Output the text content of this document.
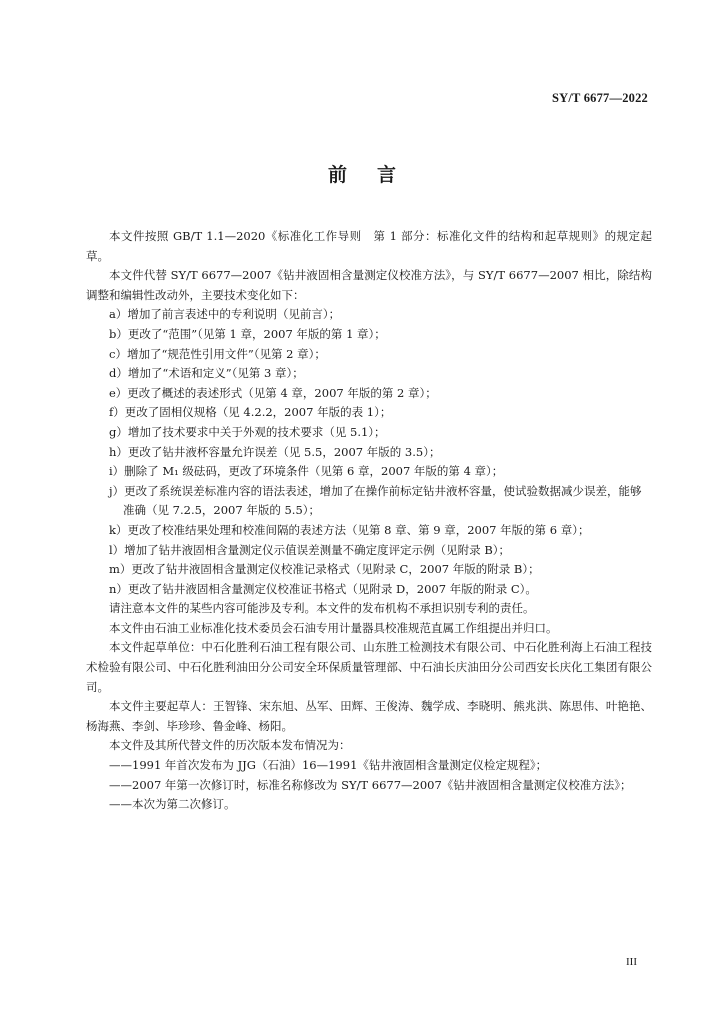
SY/T 6677—2022
前言

本文件按照 GB/T 1.1—2020《标准化工作导则　第 1 部分：标准化文件的结构和起草规则》的规定起草。

本文件代替 SY/T 6677—2007《钻井液固相含量测定仪校准方法》，与 SY/T 6677—2007 相比，除结构调整和编辑性改动外，主要技术变化如下：

a）增加了前言表述中的专利说明（见前言）；

b）更改了“范围”（见第 1 章，2007 年版的第 1 章）；

c）增加了“规范性引用文件”（见第 2 章）；

d）增加了“术语和定义”（见第 3 章）；

e）更改了概述的表述形式（见第 4 章，2007 年版的第 2 章）；

f）更改了固相仪规格（见 4.2.2，2007 年版的表 1）；

g）增加了技术要求中关于外观的技术要求（见 5.1）；

h）更改了钻井液杯容量允许误差（见 5.5，2007 年版的 3.5）；

i）删除了 M₁ 级砝码，更改了环境条件（见第 6 章，2007 年版的第 4 章）；

j）更改了系统误差标准内容的语法表述，增加了在操作前标定钻井液杯容量，使试验数据减少误差，能够准确（见 7.2.5，2007 年版的 5.5）；

k）更改了校准结果处理和校准间隔的表述方法（见第 8 章、第 9 章，2007 年版的第 6 章）；

l）增加了钻井液固相含量测定仪示值误差测量不确定度评定示例（见附录 B）；

m）更改了钻井液固相含量测定仪校准记录格式（见附录 C，2007 年版的附录 B）；

n）更改了钻井液固相含量测定仪校准证书格式（见附录 D，2007 年版的附录 C）。

请注意本文件的某些内容可能涉及专利。本文件的发布机构不承担识别专利的责任。

本文件由石油工业标准化技术委员会石油专用计量器具校准规范直属工作组提出并归口。

本文件起草单位：中石化胜利石油工程有限公司、山东胜工检测技术有限公司、中石化胜利海上石油工程技术检验有限公司、中石化胜利油田分公司安全环保质量管理部、中石油长庆油田分公司西安长庆化工集团有限公司。

本文件主要起草人：王智锋、宋东旭、丛军、田辉、王俊涛、魏学成、李晓明、熊兆洪、陈思伟、叶艳艳、杨海燕、李剑、毕珍珍、鲁金峰、杨阳。

本文件及其所代替文件的历次版本发布情况为：

——1991 年首次发布为 JJG（石油）16—1991《钻井液固相含量测定仪检定规程》；

——2007 年第一次修订时，标准名称修改为 SY/T 6677—2007《钻井液固相含量测定仪校准方法》；

——本次为第二次修订。

III
